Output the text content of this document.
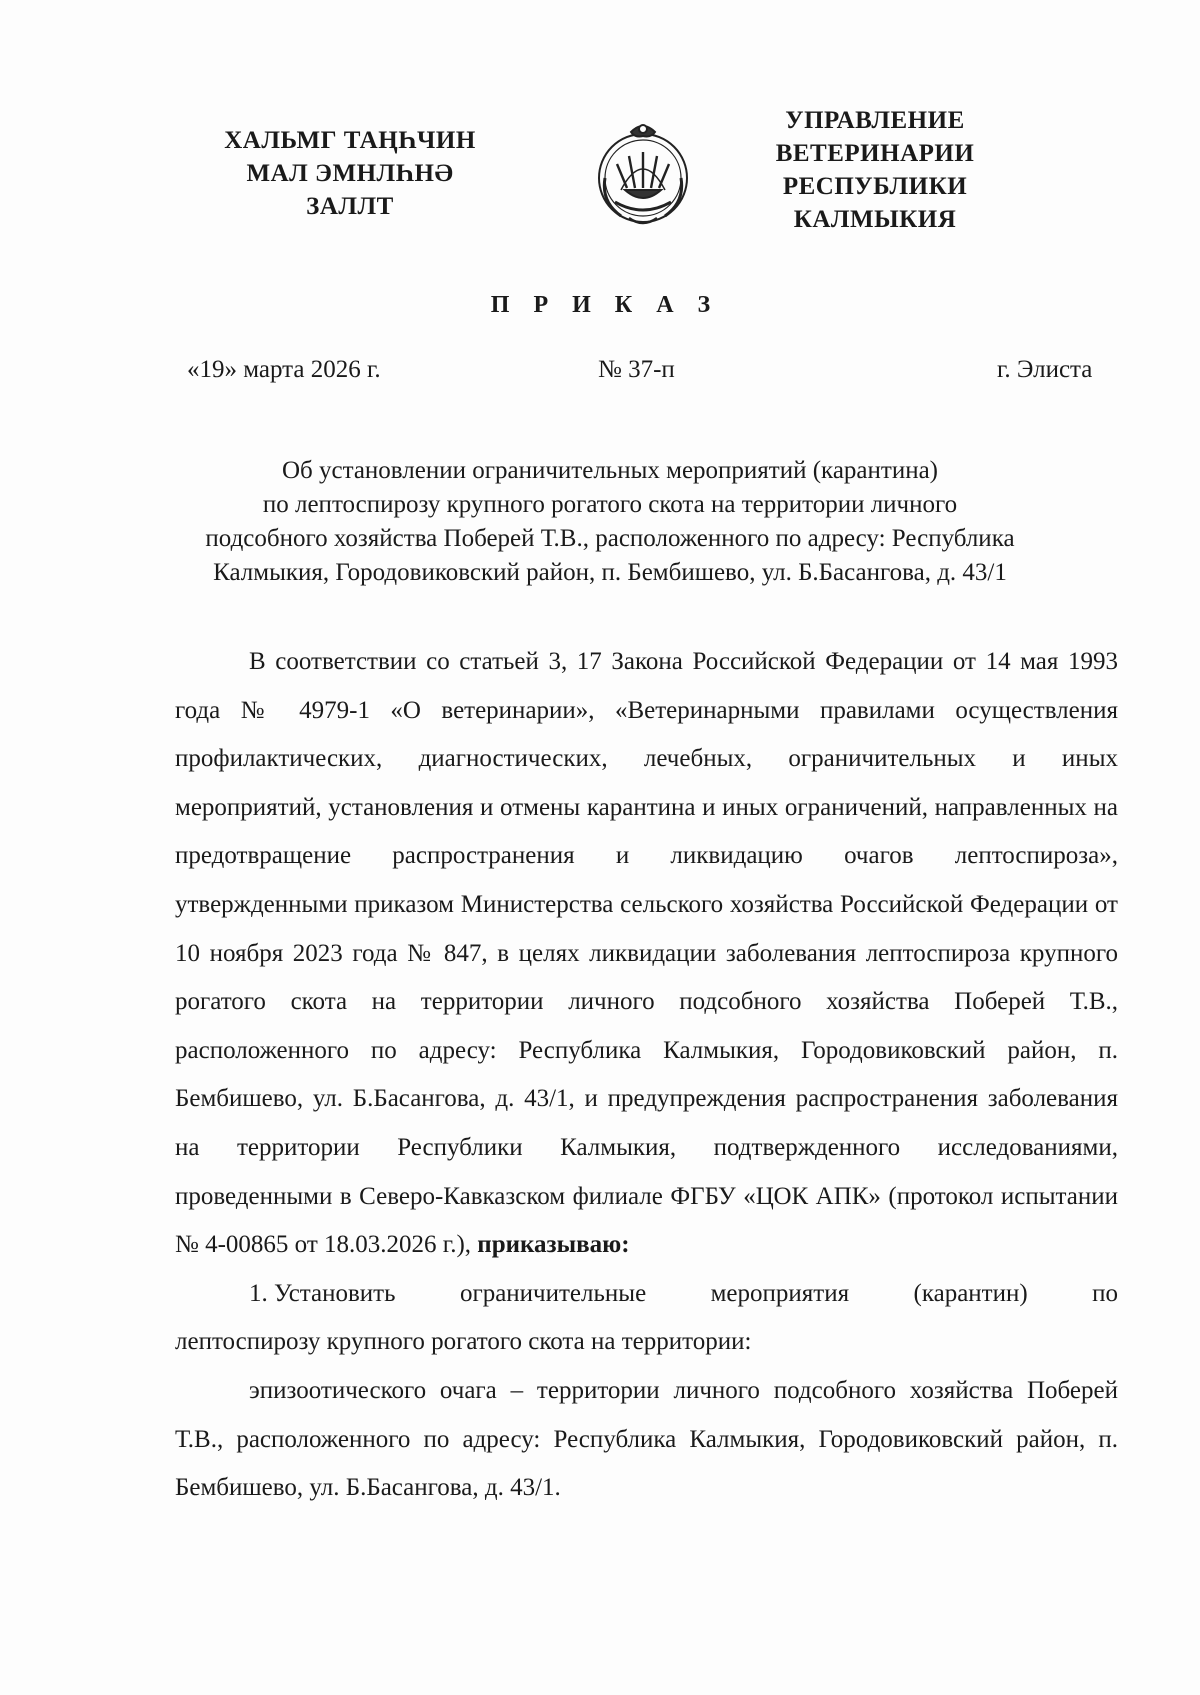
ХАЛЬМГ ТАҢҺЧИН
МАЛ ЭМНЛҺНӘ
ЗАЛЛТ
УПРАВЛЕНИЕ
ВЕТЕРИНАРИИ
РЕСПУБЛИКИ
КАЛМЫКИЯ
П Р И К А З
«19» марта 2026 г.	№ 37-п	г. Элиста
Об установлении ограничительных мероприятий (карантина)
по лептоспирозу крупного рогатого скота на территории личного
подсобного хозяйства Поберей Т.В., расположенного по адресу: Республика
Калмыкия, Городовиковский район, п. Бембишево, ул. Б.Басангова, д. 43/1

В соответствии со статьей 3, 17 Закона Российской Федерации от 14 мая 1993 года № 4979-1 «О ветеринарии», «Ветеринарными правилами осуществления профилактических, диагностических, лечебных, ограничительных и иных мероприятий, установления и отмены карантина и иных ограничений, направленных на предотвращение распространения и ликвидацию очагов лептоспироза», утвержденными приказом Министерства сельского хозяйства Российской Федерации от 10 ноября 2023 года № 847, в целях ликвидации заболевания лептоспироза крупного рогатого скота на территории личного подсобного хозяйства Поберей Т.В., расположенного по адресу: Республика Калмыкия, Городовиковский район, п. Бембишево, ул. Б.Басангова, д. 43/1, и предупреждения распространения заболевания на территории Республики Калмыкия, подтвержденного исследованиями, проведенными в Северо-Кавказском филиале ФГБУ «ЦОК АПК» (протокол испытании № 4-00865 от 18.03.2026 г.), приказываю:

1. Установить	ограничительные	мероприятия	(карантин)	по
лептоспирозу крупного рогатого скота на территории:

эпизоотического очага – территории личного подсобного хозяйства Поберей Т.В., расположенного по адресу: Республика Калмыкия, Городовиковский район, п. Бембишево, ул. Б.Басангова, д. 43/1.
